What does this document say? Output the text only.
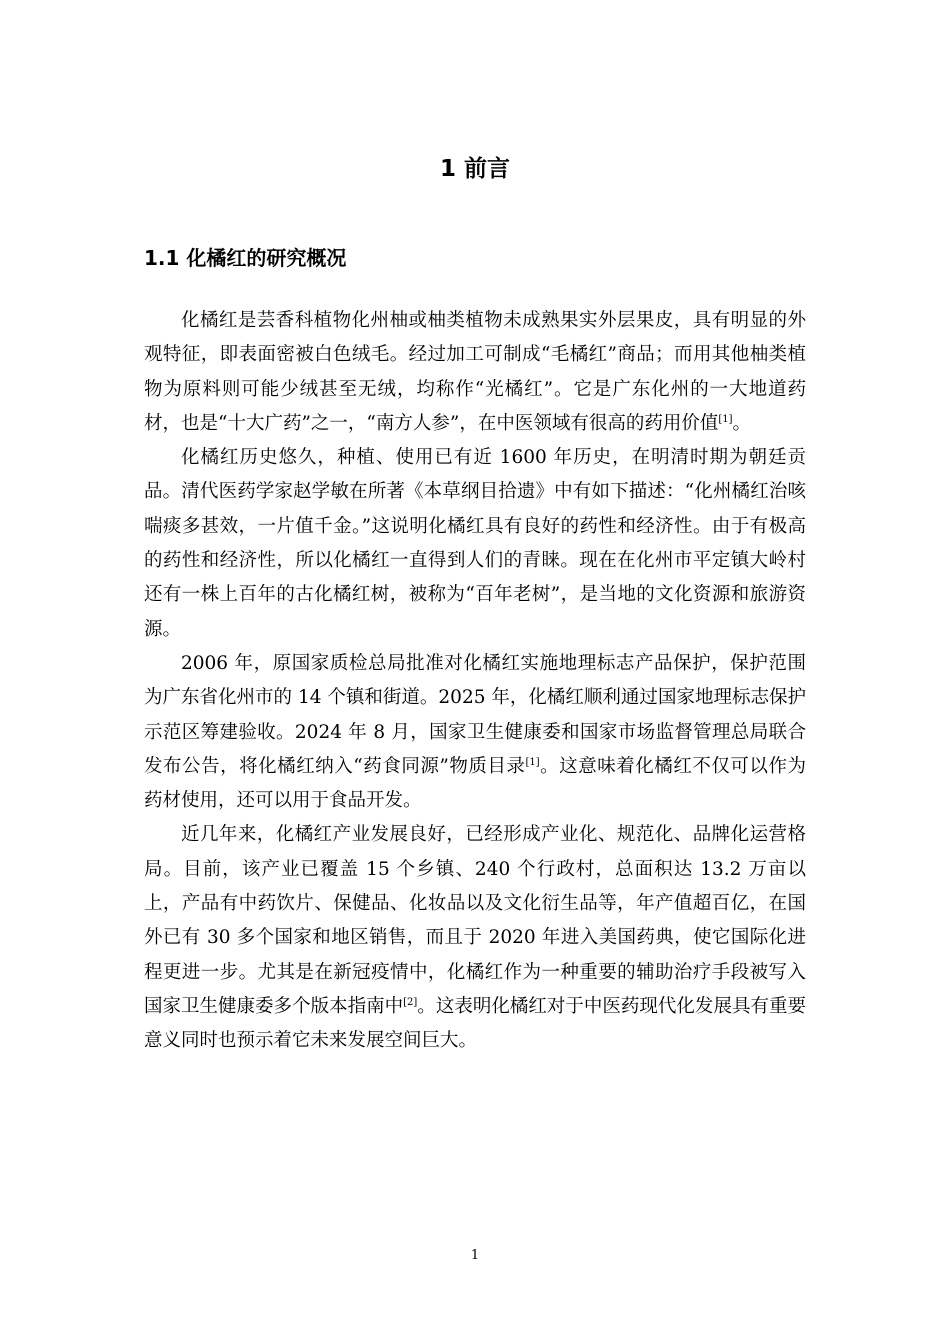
1 前言
1.1 化橘红的研究概况

化橘红是芸香科植物化州柚或柚类植物未成熟果实外层果皮，具有明显的外观特征，即表面密被白色绒毛。经过加工可制成“毛橘红”商品；而用其他柚类植物为原料则可能少绒甚至无绒，均称作“光橘红”。它是广东化州的一大地道药材，也是“十大广药”之一，“南方人参”，在中医领域有很高的药用价值[1]。

化橘红历史悠久，种植、使用已有近 1600 年历史，在明清时期为朝廷贡品。清代医药学家赵学敏在所著《本草纲目拾遗》中有如下描述：“化州橘红治咳喘痰多甚效，一片值千金。”这说明化橘红具有良好的药性和经济性。由于有极高的药性和经济性，所以化橘红一直得到人们的青睐。现在在化州市平定镇大岭村还有一株上百年的古化橘红树，被称为“百年老树”，是当地的文化资源和旅游资源。

2006 年，原国家质检总局批准对化橘红实施地理标志产品保护，保护范围为广东省化州市的 14 个镇和街道。2025 年，化橘红顺利通过国家地理标志保护示范区筹建验收。2024 年 8 月，国家卫生健康委和国家市场监督管理总局联合发布公告，将化橘红纳入“药食同源”物质目录[1]。这意味着化橘红不仅可以作为药材使用，还可以用于食品开发。

近几年来，化橘红产业发展良好，已经形成产业化、规范化、品牌化运营格局。目前，该产业已覆盖 15 个乡镇、240 个行政村，总面积达 13.2 万亩以上，产品有中药饮片、保健品、化妆品以及文化衍生品等，年产值超百亿，在国外已有 30 多个国家和地区销售，而且于 2020 年进入美国药典，使它国际化进程更进一步。尤其是在新冠疫情中，化橘红作为一种重要的辅助治疗手段被写入国家卫生健康委多个版本指南中[2]。这表明化橘红对于中医药现代化发展具有重要意义同时也预示着它未来发展空间巨大。

1
